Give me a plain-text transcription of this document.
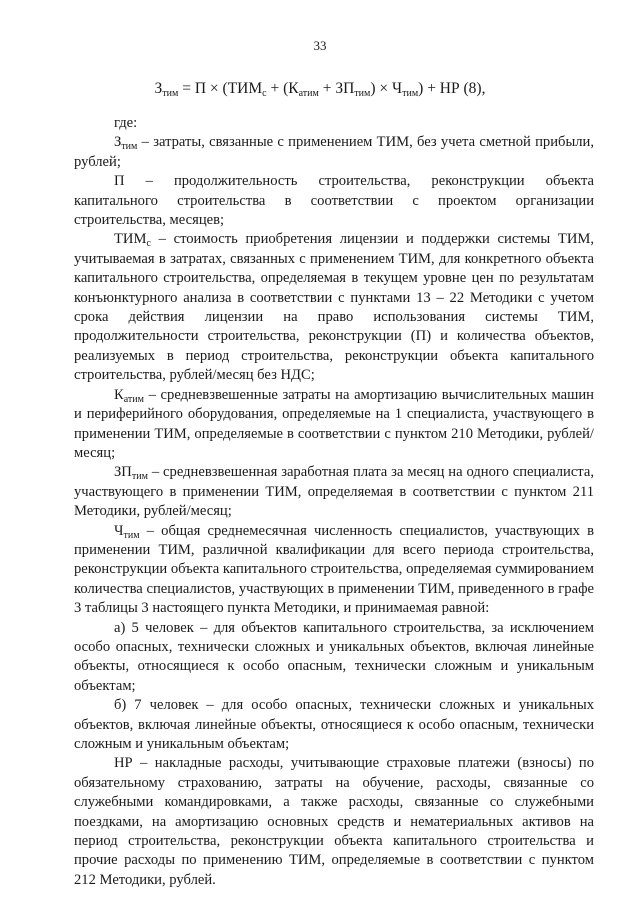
33
$З_{тим} = П \times (ТИМ_с + (К_{атим} + ЗП_{тим}) \times Ч_{тим})$ + НР (8),

где:

$З_{тим}$ – затраты, связанные с применением ТИМ, без учета сметной прибыли, рублей;

П – продолжительность строительства, реконструкции объекта капитального строительства в соответствии с проектом организации строительства, месяцев;

$ТИМ_с$ – стоимость приобретения лицензии и поддержки системы ТИМ, учитываемая в затратах, связанных с применением ТИМ, для конкретного объекта капитального строительства, определяемая в текущем уровне цен по результатам конъюнктурного анализа в соответствии с пунктами 13 – 22 Методики с учетом срока действия лицензии на право использования системы ТИМ, продолжительности строительства, реконструкции (П) и количества объектов, реализуемых в период строительства, реконструкции объекта капитального строительства, рублей/месяц без НДС;

$К_{атим}$ – средневзвешенные затраты на амортизацию вычислительных машин и периферийного оборудования, определяемые на 1 специалиста, участвующего в применении ТИМ, определяемые в соответствии с пунктом 210 Методики, рублей/месяц;

$ЗП_{тим}$ – средневзвешенная заработная плата за месяц на одного специалиста, участвующего в применении ТИМ, определяемая в соответствии с пунктом 211 Методики, рублей/месяц;

$Ч_{тим}$ – общая среднемесячная численность специалистов, участвующих в применении ТИМ, различной квалификации для всего периода строительства, реконструкции объекта капитального строительства, определяемая суммированием количества специалистов, участвующих в применении ТИМ, приведенного в графе 3 таблицы 3 настоящего пункта Методики, и принимаемая равной:

а) 5 человек – для объектов капитального строительства, за исключением особо опасных, технически сложных и уникальных объектов, включая линейные объекты, относящиеся к особо опасным, технически сложным и уникальным объектам;

б) 7 человек – для особо опасных, технически сложных и уникальных объектов, включая линейные объекты, относящиеся к особо опасным, технически сложным и уникальным объектам;

НР – накладные расходы, учитывающие страховые платежи (взносы) по обязательному страхованию, затраты на обучение, расходы, связанные со служебными командировками, а также расходы, связанные со служебными поездками, на амортизацию основных средств и нематериальных активов на период строительства, реконструкции объекта капитального строительства и прочие расходы по применению ТИМ, определяемые в соответствии с пунктом 212 Методики, рублей.
